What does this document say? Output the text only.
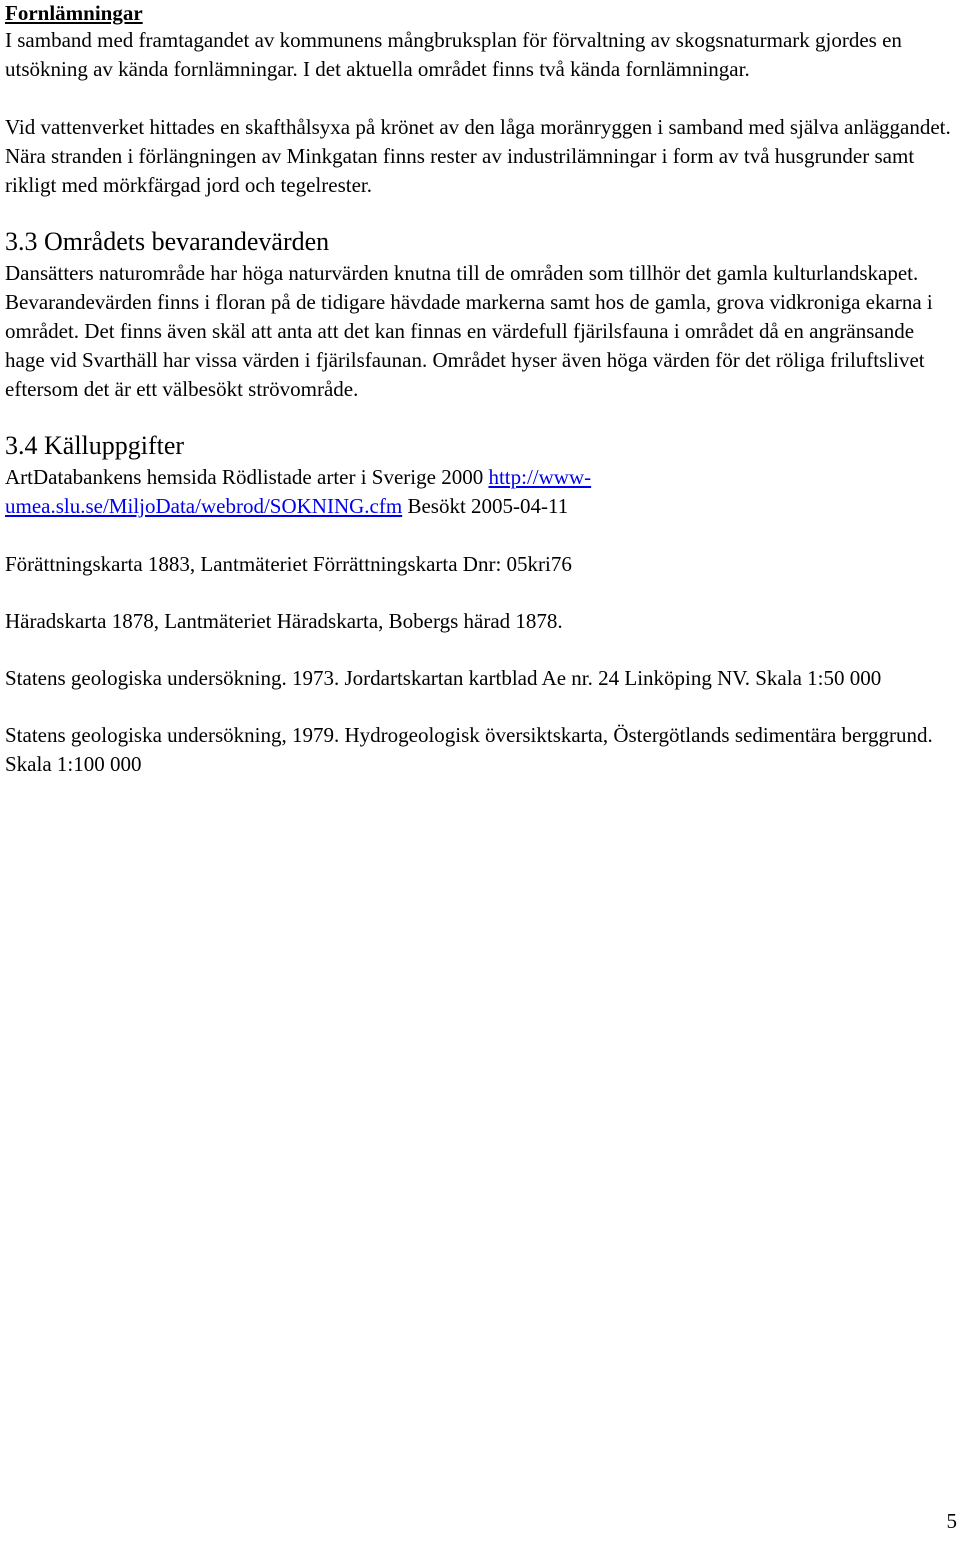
Fornlämningar

I samband med framtagandet av kommunens mångbruksplan för förvaltning av skogsnaturmark gjordes en utsökning av kända fornlämningar. I det aktuella området finns två kända fornlämningar.

Vid vattenverket hittades en skafthålsyxa på krönet av den låga moränryggen i samband med själva anläggandet. Nära stranden i förlängningen av Minkgatan finns rester av industrilämningar i form av två husgrunder samt rikligt med mörkfärgad jord och tegelrester.

3.3 Områdets bevarandevärden

Dansätters naturområde har höga naturvärden knutna till de områden som tillhör det gamla kulturlandskapet. Bevarandevärden finns i floran på de tidigare hävdade markerna samt hos de gamla, grova vidkroniga ekarna i området. Det finns även skäl att anta att det kan finnas en värdefull fjärilsfauna i området då en angränsande hage vid Svarthäll har vissa värden i fjärilsfaunan. Området hyser även höga värden för det röliga friluftslivet eftersom det är ett välbesökt strövområde.

3.4 Källuppgifter

ArtDatabankens hemsida Rödlistade arter i Sverige 2000 http://www-umea.slu.se/MiljoData/webrod/SOKNING.cfm Besökt 2005-04-11

Förättningskarta 1883, Lantmäteriet Förrättningskarta Dnr: 05kri76

Häradskarta 1878, Lantmäteriet Häradskarta, Bobergs härad 1878.

Statens geologiska undersökning. 1973. Jordartskartan kartblad Ae nr. 24 Linköping NV. Skala 1:50 000

Statens geologiska undersökning, 1979. Hydrogeologisk översiktskarta, Östergötlands sedimentära berggrund. Skala 1:100 000

5
